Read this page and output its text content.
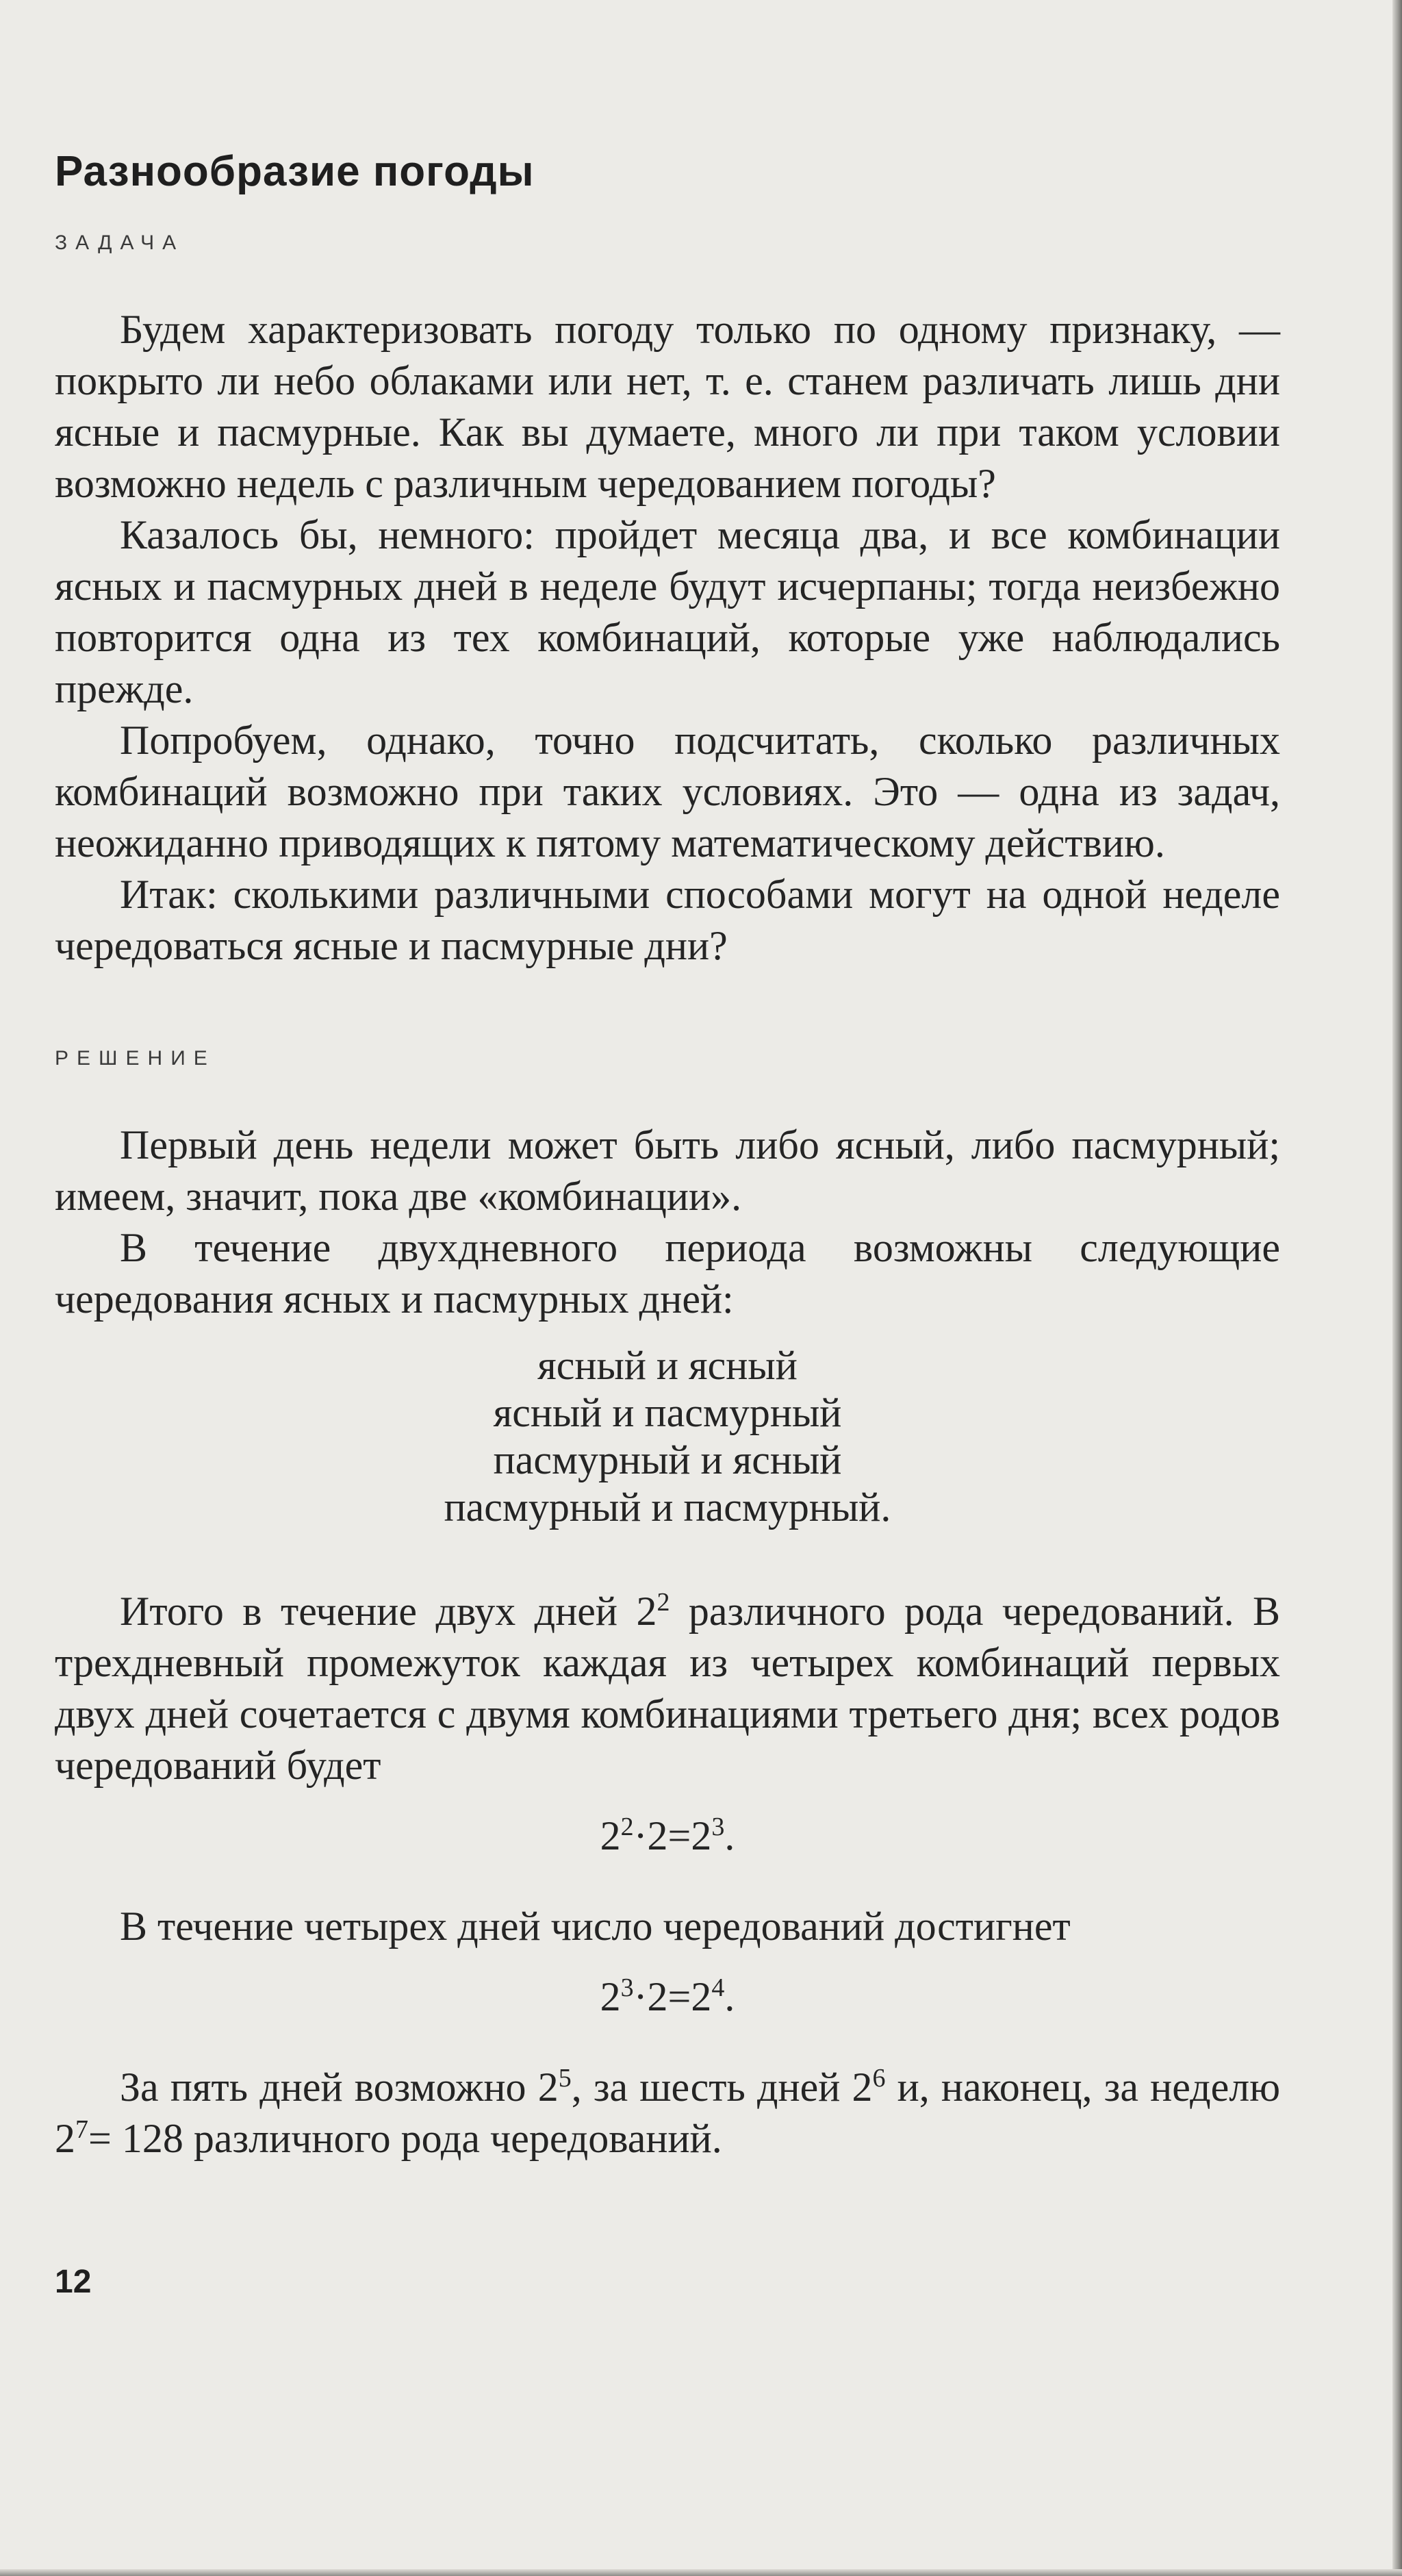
Разнообразие погоды
ЗАДАЧА

Будем характеризовать погоду только по одному признаку, — покрыто ли небо облаками или нет, т. е. станем различать лишь дни ясные и пасмурные. Как вы думаете, много ли при таком условии возможно недель с различным чередованием погоды?

Казалось бы, немного: пройдет месяца два, и все комбинации ясных и пасмурных дней в неделе будут исчерпаны; тогда неизбежно повторится одна из тех комбинаций, которые уже наблюдались прежде.

Попробуем, однако, точно подсчитать, сколько различных комбинаций возможно при таких условиях. Это — одна из задач, неожиданно приводящих к пятому математическому действию.

Итак: сколькими различными способами могут на одной неделе чередоваться ясные и пасмурные дни?

РЕШЕНИЕ

Первый день недели может быть либо ясный, либо пасмурный; имеем, значит, пока две «комбинации».

В течение двухдневного периода возможны следующие чередования ясных и пасмурных дней:

ясный и ясный
ясный и пасмурный
пасмурный и ясный
пасмурный и пасмурный.

Итого в течение двух дней $2^2$ различного рода чередований. В трехдневный промежуток каждая из четырех комбинаций первых двух дней сочетается с двумя комбинациями третьего дня; всех родов чередований будет

$2^2\cdot 2=2^3$.

В течение четырех дней число чередований достигнет

$2^3\cdot 2=2^4$.

За пять дней возможно $2^5$, за шесть дней $2^6$ и, наконец, за неделю $2^7= 128$ различного рода чередований.

12
